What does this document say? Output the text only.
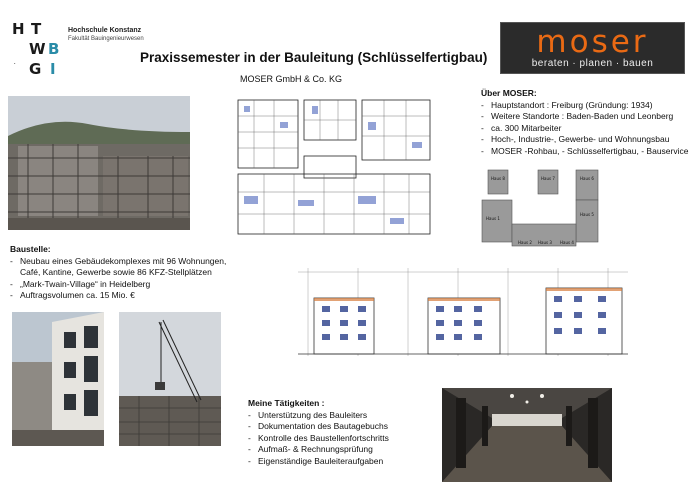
H T
W B
G I
·
Hochschule Konstanz
Fakultät Bauingenieurwesen
Praxissemester in der Bauleitung (Schlüsselfertigbau)
MOSER GmbH & Co. KG
moser
beraten · planen · bauen
Über MOSER:
- Hauptstandort : Freiburg (Gründung: 1934)
- Weitere Standorte : Baden-Baden und Leonberg
- ca. 300 Mitarbeiter
- Hoch-, Industrie-, Gewerbe- und Wohnungsbau
- MOSER -Rohbau, - Schlüsselfertigbau, - Bauservice
Haus 8	Haus 7	Haus 6
Haus 1
Haus 5
Haus 2 Haus 3 Haus 4
Baustelle:
- Neubau eines Gebäudekomplexes mit 96 Wohnungen, Café, Kantine, Gewerbe sowie 86 KFZ-Stellplätzen
- „Mark-Twain-Village“ in Heidelberg
- Auftragsvolumen ca. 15 Mio. €
Meine Tätigkeiten :
- Unterstützung des Bauleiters
- Dokumentation des Bautagebuchs
- Kontrolle des Baustellenfortschritts
- Aufmaß- & Rechnungsprüfung
- Eigenständige Bauleiteraufgaben
